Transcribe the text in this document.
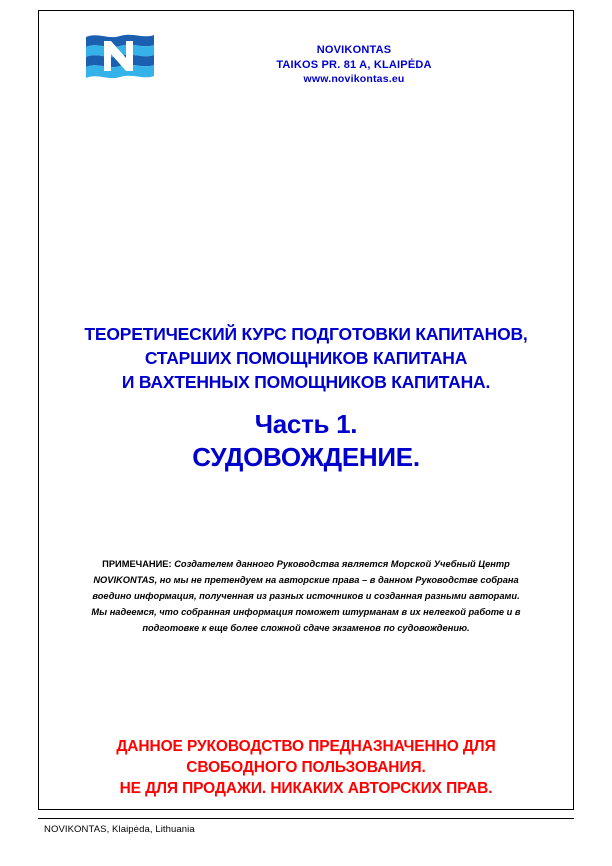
NOVIKONTAS
TAIKOS PR. 81 A, KLAIPĖDA
www.novikontas.eu
ТЕОРЕТИЧЕСКИЙ КУРС ПОДГОТОВКИ КАПИТАНОВ,
СТАРШИХ ПОМОЩНИКОВ КАПИТАНА
И ВАХТЕННЫХ ПОМОЩНИКОВ КАПИТАНА.
Часть 1.
СУДОВОЖДЕНИЕ.
ПРИМЕЧАНИЕ: Создателем данного Руководства является Морской Учебный Центр NOVIKONTAS, но мы не претендуем на авторские права – в данном Руководстве собрана воедино информация, полученная из разных источников и созданная разными авторами. Мы надеемся, что собранная информация поможет штурманам в их нелегкой работе и в подготовке к еще более сложной сдаче экзаменов по судовождению.
ДАННОЕ РУКОВОДСТВО ПРЕДНАЗНАЧЕННО ДЛЯ
СВОБОДНОГО ПОЛЬЗОВАНИЯ.
НЕ ДЛЯ ПРОДАЖИ. НИКАКИХ АВТОРСКИХ ПРАВ.
NOVIKONTAS, Klaipėda, Lithuania
